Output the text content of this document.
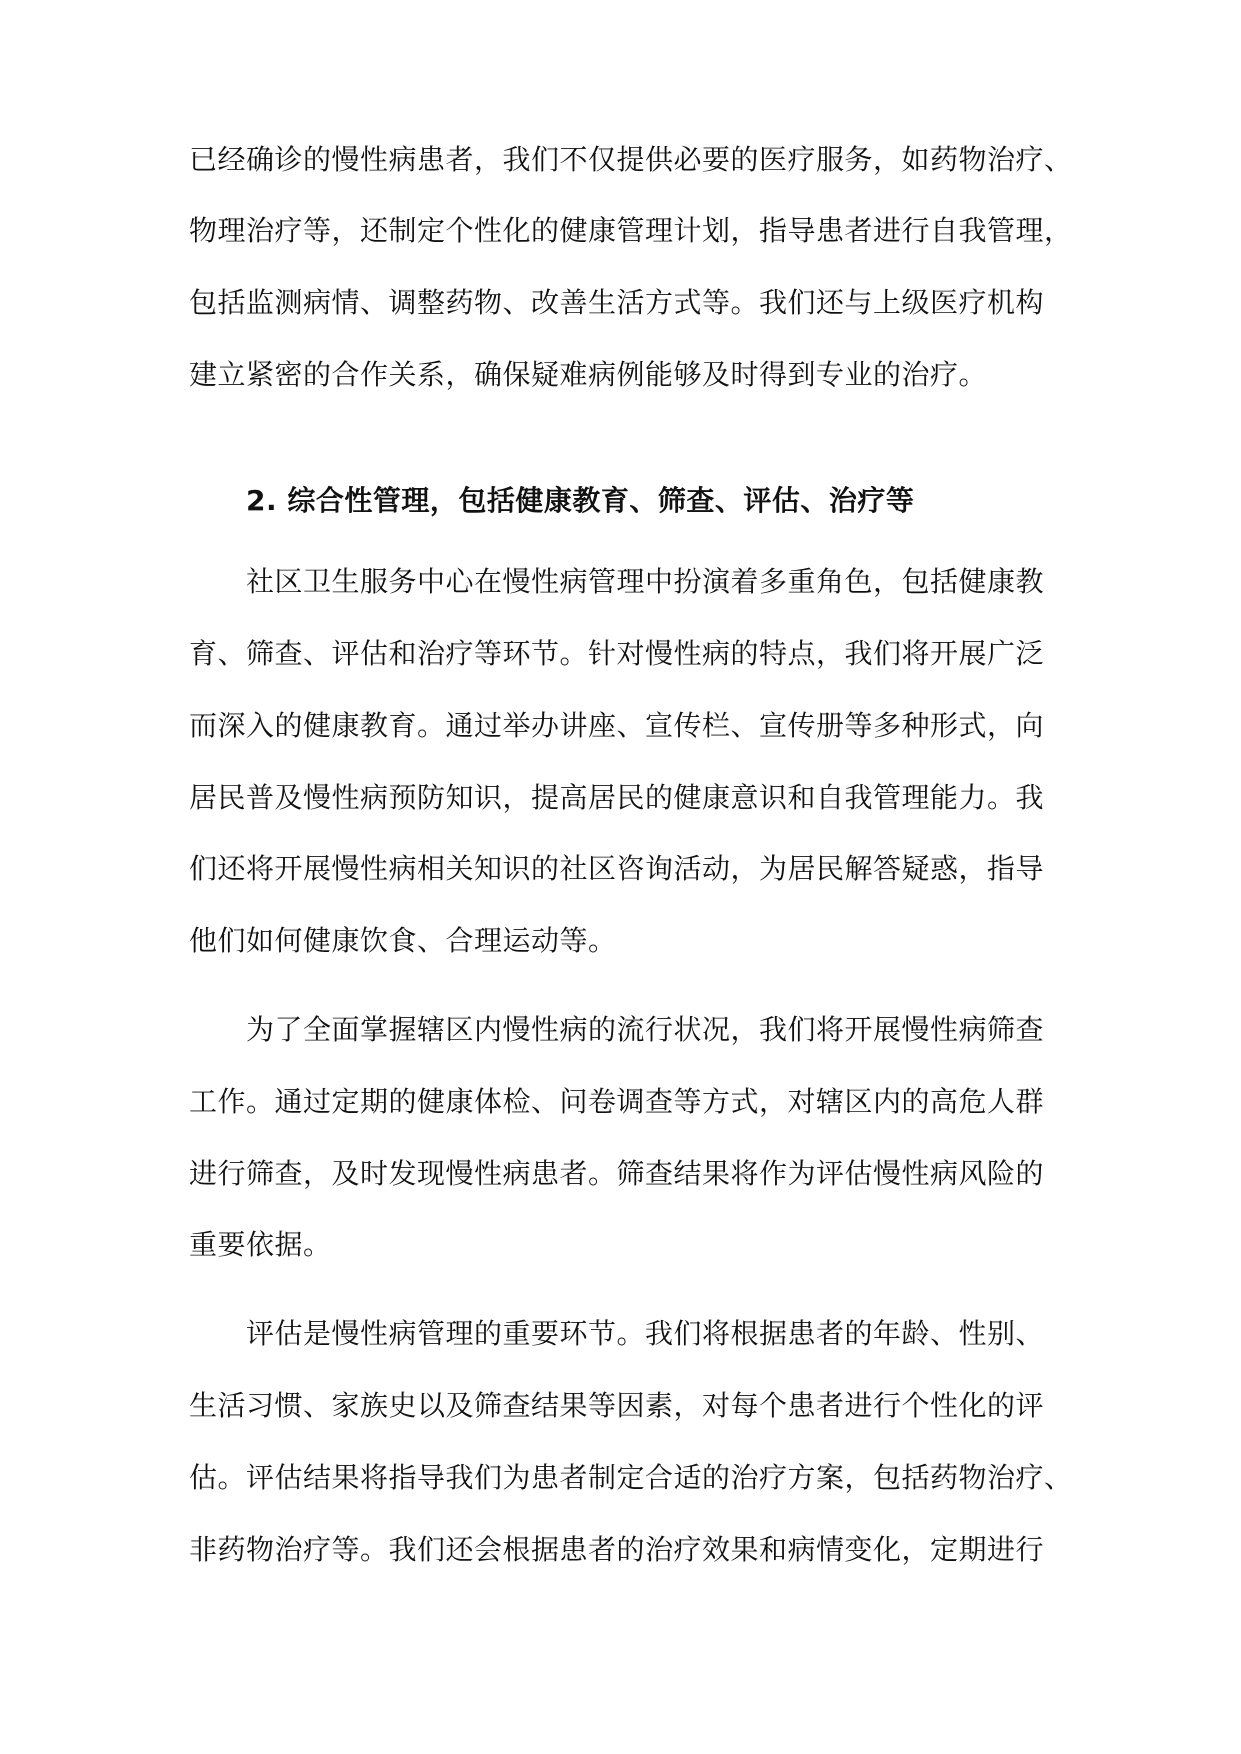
已经确诊的慢性病患者，我们不仅提供必要的医疗服务，如药物治疗、

物理治疗等，还制定个性化的健康管理计划，指导患者进行自我管理，

包括监测病情、调整药物、改善生活方式等。我们还与上级医疗机构

建立紧密的合作关系，确保疑难病例能够及时得到专业的治疗。

2. 综合性管理，包括健康教育、筛查、评估、治疗等

社区卫生服务中心在慢性病管理中扮演着多重角色，包括健康教

育、筛查、评估和治疗等环节。针对慢性病的特点，我们将开展广泛

而深入的健康教育。通过举办讲座、宣传栏、宣传册等多种形式，向

居民普及慢性病预防知识，提高居民的健康意识和自我管理能力。我

们还将开展慢性病相关知识的社区咨询活动，为居民解答疑惑，指导

他们如何健康饮食、合理运动等。

为了全面掌握辖区内慢性病的流行状况，我们将开展慢性病筛查

工作。通过定期的健康体检、问卷调查等方式，对辖区内的高危人群

进行筛查，及时发现慢性病患者。筛查结果将作为评估慢性病风险的

重要依据。

评估是慢性病管理的重要环节。我们将根据患者的年龄、性别、

生活习惯、家族史以及筛查结果等因素，对每个患者进行个性化的评

估。评估结果将指导我们为患者制定合适的治疗方案，包括药物治疗、

非药物治疗等。我们还会根据患者的治疗效果和病情变化，定期进行
